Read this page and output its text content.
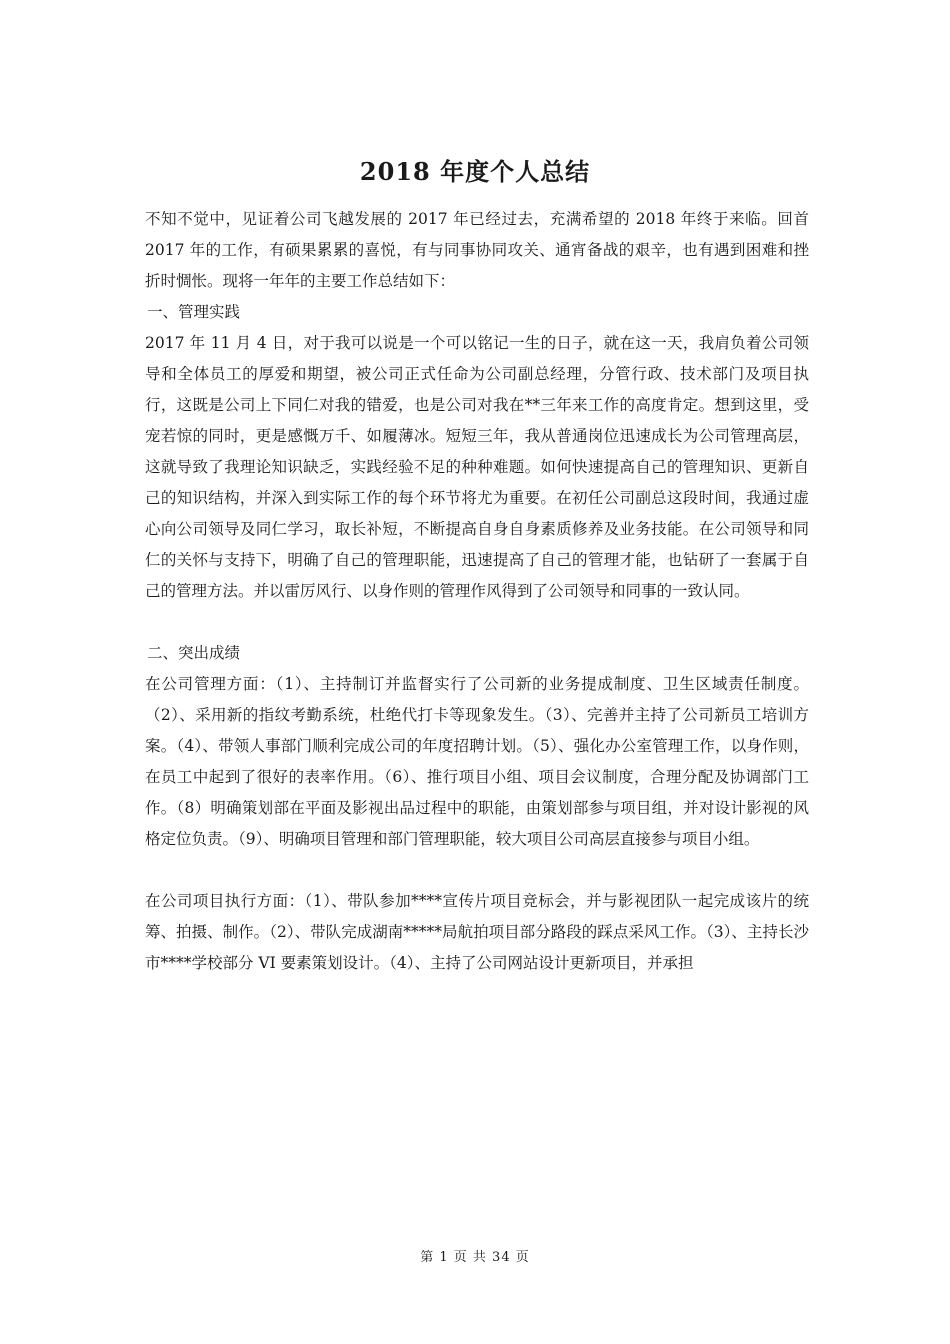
2018 年度个人总结

不知不觉中，见证着公司飞越发展的 2017 年已经过去，充满希望的 2018 年终于来临。回首 2017 年的工作，有硕果累累的喜悦，有与同事协同攻关、通宵备战的艰辛，也有遇到困难和挫折时惆怅。现将一年年的主要工作总结如下：

一、管理实践

2017 年 11 月 4 日，对于我可以说是一个可以铭记一生的日子，就在这一天，我肩负着公司领导和全体员工的厚爱和期望，被公司正式任命为公司副总经理，分管行政、技术部门及项目执行，这既是公司上下同仁对我的错爱，也是公司对我在**三年来工作的高度肯定。想到这里，受宠若惊的同时，更是感慨万千、如履薄冰。短短三年，我从普通岗位迅速成长为公司管理高层，这就导致了我理论知识缺乏，实践经验不足的种种难题。如何快速提高自己的管理知识、更新自己的知识结构，并深入到实际工作的每个环节将尤为重要。在初任公司副总这段时间，我通过虚心向公司领导及同仁学习，取长补短，不断提高自身自身素质修养及业务技能。在公司领导和同仁的关怀与支持下，明确了自己的管理职能，迅速提高了自己的管理才能，也钻研了一套属于自己的管理方法。并以雷厉风行、以身作则的管理作风得到了公司领导和同事的一致认同。

二、突出成绩

在公司管理方面：（1）、主持制订并监督实行了公司新的业务提成制度、卫生区域责任制度。（2）、采用新的指纹考勤系统，杜绝代打卡等现象发生。（3）、完善并主持了公司新员工培训方案。（4）、带领人事部门顺利完成公司的年度招聘计划。（5）、强化办公室管理工作，以身作则，在员工中起到了很好的表率作用。（6）、推行项目小组、项目会议制度，合理分配及协调部门工作。（8）明确策划部在平面及影视出品过程中的职能，由策划部参与项目组，并对设计影视的风格定位负责。（9）、明确项目管理和部门管理职能，较大项目公司高层直接参与项目小组。

在公司项目执行方面：（1）、带队参加****宣传片项目竞标会，并与影视团队一起完成该片的统筹、拍摄、制作。（2）、带队完成湖南*****局航拍项目部分路段的踩点采风工作。（3）、主持长沙市****学校部分 VI 要素策划设计。（4）、主持了公司网站设计更新项目，并承担

第 1 页 共 34 页
